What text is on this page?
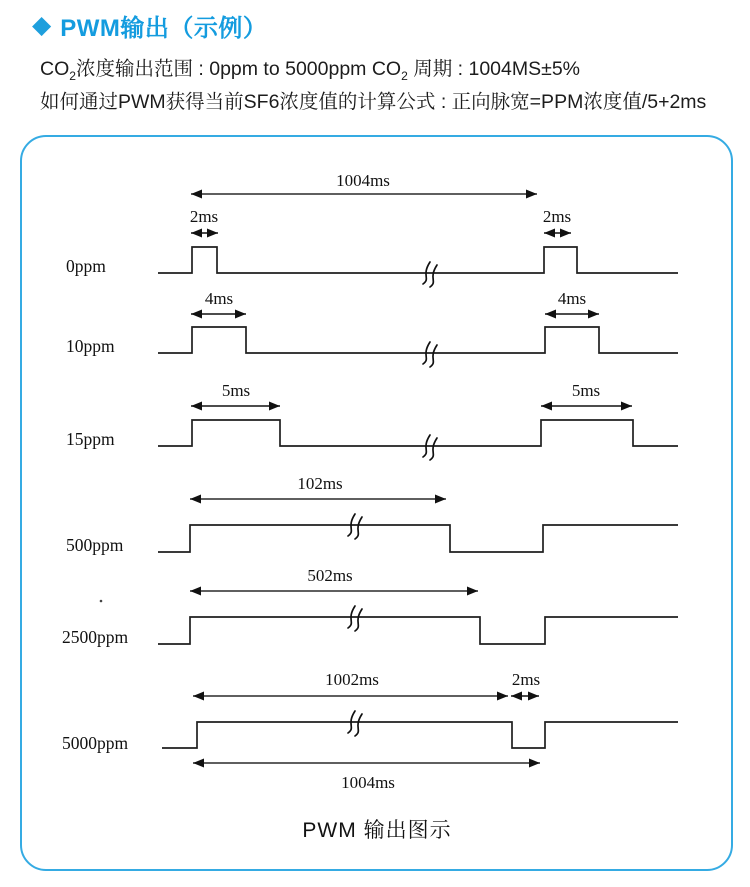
◆ PWM输出（示例）
$CO_2$浓度输出范围 : 0ppm to 5000ppm $CO_2$ 周期 : 1004MS±5%
如何通过PWM获得当前SF6浓度值的计算公式 : 正向脉宽=PPM浓度值/5+2ms
0ppm
1004ms
2ms	2ms
10ppm
4ms	4ms
15ppm
5ms	5ms
500ppm
102ms
2500ppm
502ms
5000ppm
1002ms	2ms
1004ms
PWM 输出图示
